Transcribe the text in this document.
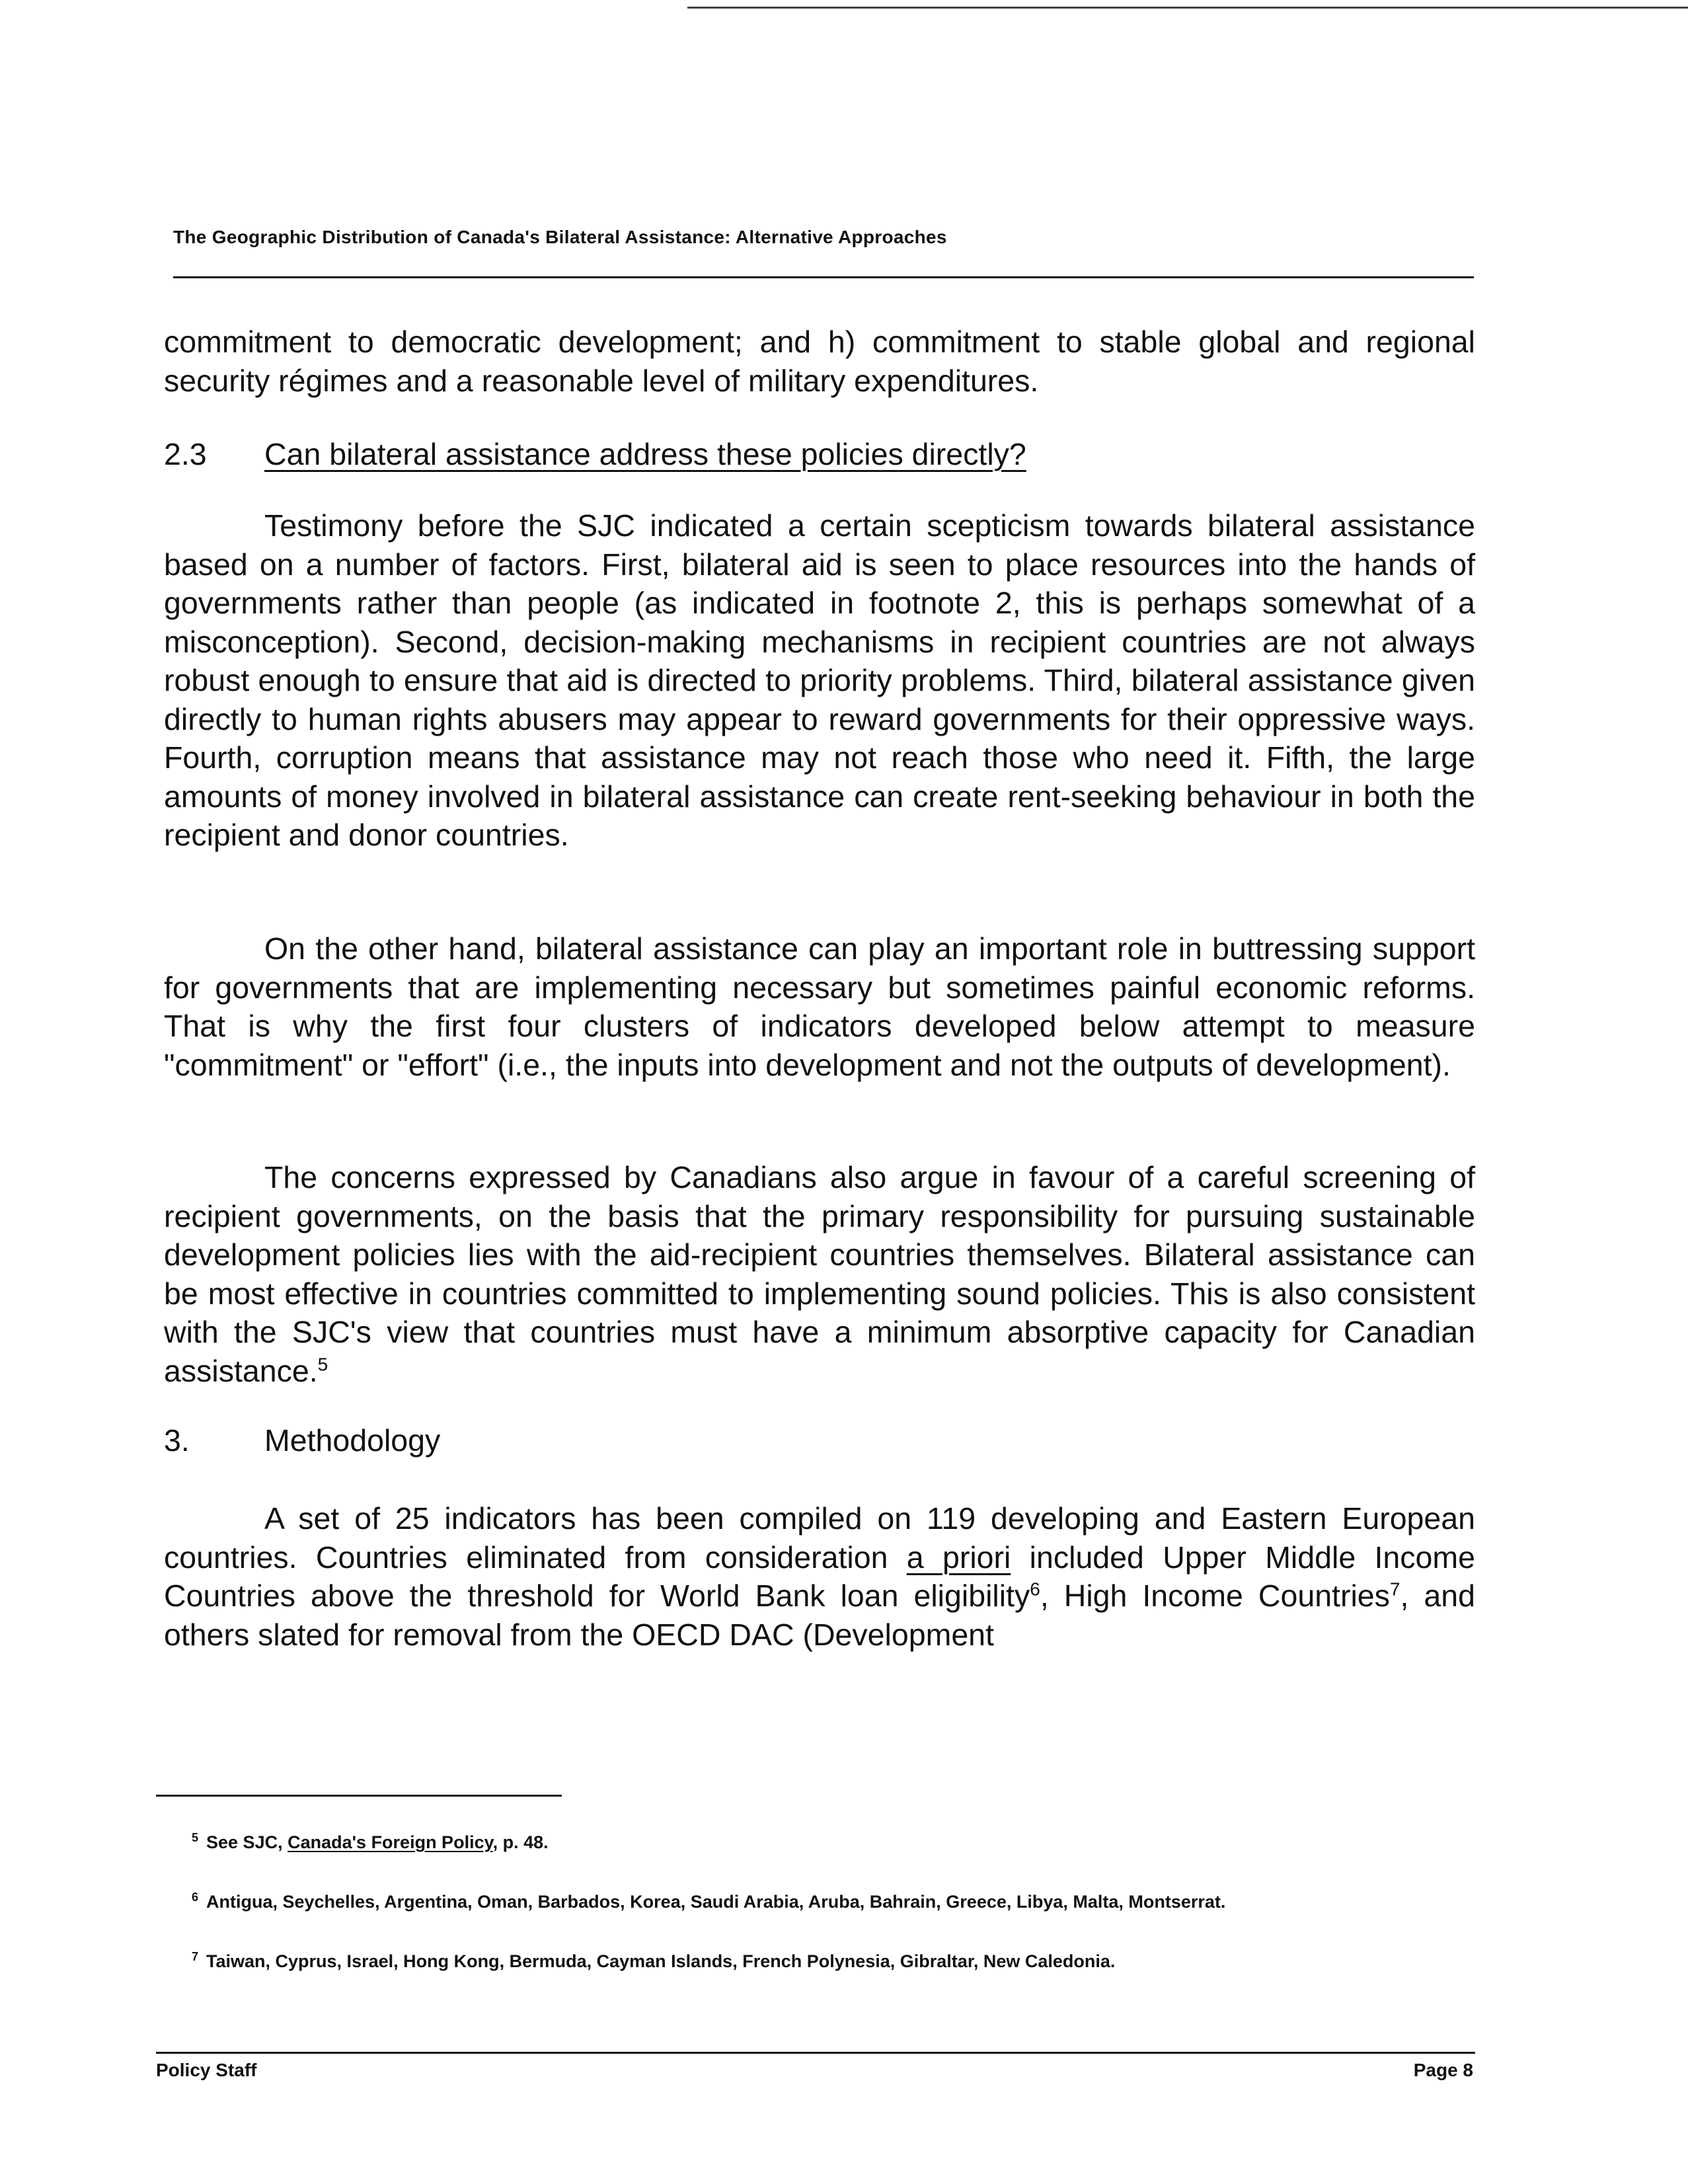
The Geographic Distribution of Canada's Bilateral Assistance: Alternative Approaches

commitment to democratic development; and h) commitment to stable global and regional security régimes and a reasonable level of military expenditures.

2.3 Can bilateral assistance address these policies directly?

Testimony before the SJC indicated a certain scepticism towards bilateral assistance based on a number of factors. First, bilateral aid is seen to place resources into the hands of governments rather than people (as indicated in footnote 2, this is perhaps somewhat of a misconception). Second, decision-making mechanisms in recipient countries are not always robust enough to ensure that aid is directed to priority problems. Third, bilateral assistance given directly to human rights abusers may appear to reward governments for their oppressive ways. Fourth, corruption means that assistance may not reach those who need it. Fifth, the large amounts of money involved in bilateral assistance can create rent-seeking behaviour in both the recipient and donor countries.

On the other hand, bilateral assistance can play an important role in buttressing support for governments that are implementing necessary but sometimes painful economic reforms. That is why the first four clusters of indicators developed below attempt to measure "commitment" or "effort" (i.e., the inputs into development and not the outputs of development).

The concerns expressed by Canadians also argue in favour of a careful screening of recipient governments, on the basis that the primary responsibility for pursuing sustainable development policies lies with the aid-recipient countries themselves. Bilateral assistance can be most effective in countries committed to implementing sound policies. This is also consistent with the SJC's view that countries must have a minimum absorptive capacity for Canadian assistance.$^5$

3. Methodology

A set of 25 indicators has been compiled on 119 developing and Eastern European countries. Countries eliminated from consideration a priori included Upper Middle Income Countries above the threshold for World Bank loan eligibility$^6$, High Income Countries$^7$, and others slated for removal from the OECD DAC (Development

$^5$ See SJC, Canada's Foreign Policy, p. 48.
$^6$ Antigua, Seychelles, Argentina, Oman, Barbados, Korea, Saudi Arabia, Aruba, Bahrain, Greece, Libya, Malta, Montserrat.
$^7$ Taiwan, Cyprus, Israel, Hong Kong, Bermuda, Cayman Islands, French Polynesia, Gibraltar, New Caledonia.
Policy Staff	Page 8
